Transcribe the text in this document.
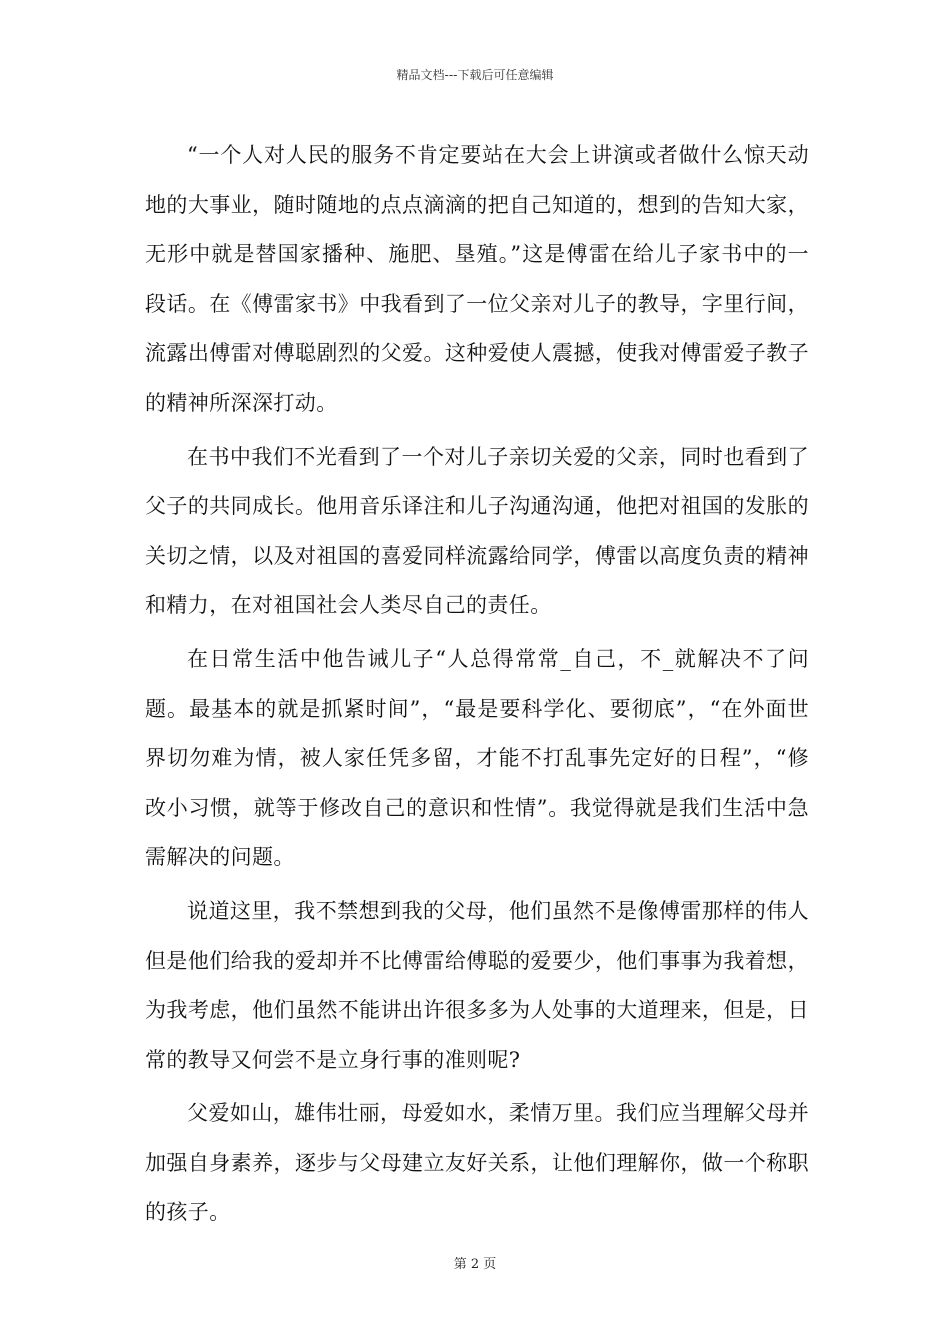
精品文档---下载后可任意编辑

“一个人对人民的服务不肯定要站在大会上讲演或者做什么惊天动地的大事业，随时随地的点点滴滴的把自己知道的，想到的告知大家，无形中就是替国家播种、施肥、垦殖。”这是傅雷在给儿子家书中的一段话。在《傅雷家书》中我看到了一位父亲对儿子的教导，字里行间，流露出傅雷对傅聪剧烈的父爱。这种爱使人震撼，使我对傅雷爱子教子的精神所深深打动。

在书中我们不光看到了一个对儿子亲切关爱的父亲，同时也看到了父子的共同成长。他用音乐译注和儿子沟通沟通，他把对祖国的发胀的关切之情，以及对祖国的喜爱同样流露给同学，傅雷以高度负责的精神和精力，在对祖国社会人类尽自己的责任。

在日常生活中他告诫儿子“人总得常常_自己，不_就解决不了问题。最基本的就是抓紧时间”，“最是要科学化、要彻底”，“在外面世界切勿难为情，被人家任凭多留，才能不打乱事先定好的日程”，“修改小习惯，就等于修改自己的意识和性情”。我觉得就是我们生活中急需解决的问题。

说道这里，我不禁想到我的父母，他们虽然不是像傅雷那样的伟人但是他们给我的爱却并不比傅雷给傅聪的爱要少，他们事事为我着想，为我考虑，他们虽然不能讲出许很多多为人处事的大道理来，但是，日常的教导又何尝不是立身行事的准则呢?

父爱如山，雄伟壮丽，母爱如水，柔情万里。我们应当理解父母并加强自身素养，逐步与父母建立友好关系，让他们理解你，做一个称职的孩子。

第 2 页
